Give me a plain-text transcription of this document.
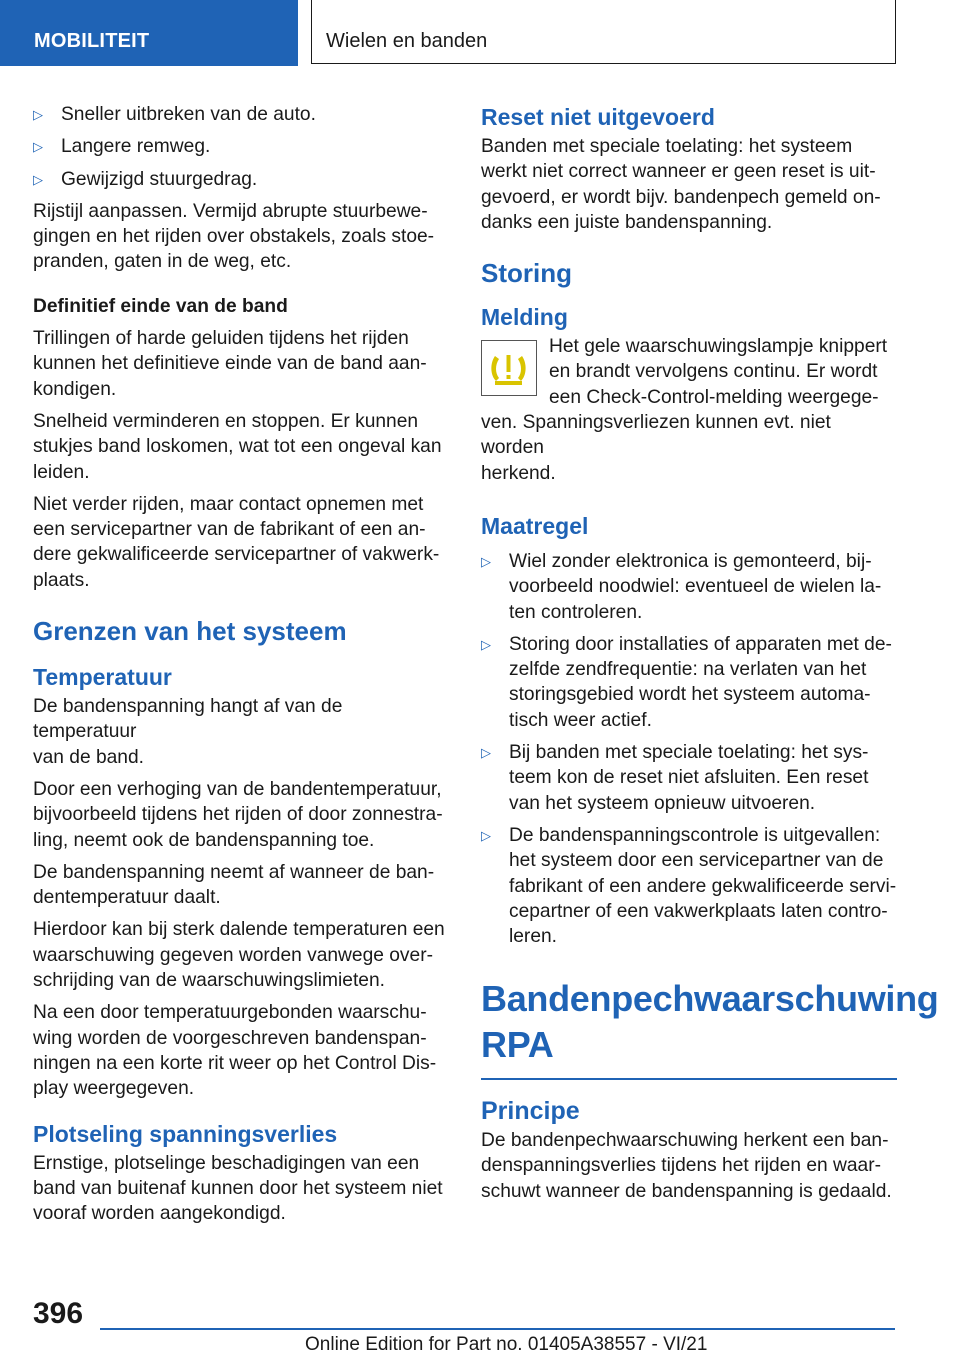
MOBILITEIT	Wielen en banden
▷ Sneller uitbreken van de auto.
▷ Langere remweg.
▷ Gewijzigd stuurgedrag.
Rijstijl aanpassen. Vermijd abrupte stuurbewe-
gingen en het rijden over obstakels, zoals stoe-
pranden, gaten in de weg, etc.
Definitief einde van de band
Trillingen of harde geluiden tijdens het rijden
kunnen het definitieve einde van de band aan-
kondigen.
Snelheid verminderen en stoppen. Er kunnen
stukjes band loskomen, wat tot een ongeval kan
leiden.
Niet verder rijden, maar contact opnemen met
een servicepartner van de fabrikant of een an-
dere gekwalificeerde servicepartner of vakwerk-
plaats.
Grenzen van het systeem
Temperatuur
De bandenspanning hangt af van de temperatuur
van de band.
Door een verhoging van de bandentemperatuur,
bijvoorbeeld tijdens het rijden of door zonnestra-
ling, neemt ook de bandenspanning toe.
De bandenspanning neemt af wanneer de ban-
dentemperatuur daalt.
Hierdoor kan bij sterk dalende temperaturen een
waarschuwing gegeven worden vanwege over-
schrijding van de waarschuwingslimieten.
Na een door temperatuurgebonden waarschu-
wing worden de voorgeschreven bandenspan-
ningen na een korte rit weer op het Control Dis-
play weergegeven.
Plotseling spanningsverlies
Ernstige, plotselinge beschadigingen van een
band van buitenaf kunnen door het systeem niet
vooraf worden aangekondigd.
Reset niet uitgevoerd
Banden met speciale toelating: het systeem
werkt niet correct wanneer er geen reset is uit-
gevoerd, er wordt bijv. bandenpech gemeld on-
danks een juiste bandenspanning.
Storing
Melding
Het gele waarschuwingslampje knippert
en brandt vervolgens continu. Er wordt
een Check-Control-melding weergege-
ven. Spanningsverliezen kunnen evt. niet worden
herkend.
Maatregel
▷ Wiel zonder elektronica is gemonteerd, bij-
voorbeeld noodwiel: eventueel de wielen la-
ten controleren.
▷ Storing door installaties of apparaten met de-
zelfde zendfrequentie: na verlaten van het
storingsgebied wordt het systeem automa-
tisch weer actief.
▷ Bij banden met speciale toelating: het sys-
teem kon de reset niet afsluiten. Een reset
van het systeem opnieuw uitvoeren.
▷ De bandenspanningscontrole is uitgevallen:
het systeem door een servicepartner van de
fabrikant of een andere gekwalificeerde servi-
cepartner of een vakwerkplaats laten contro-
leren.
Bandenpechwaarschuwing
RPA
Principe
De bandenpechwaarschuwing herkent een ban-
denspanningsverlies tijdens het rijden en waar-
schuwt wanneer de bandenspanning is gedaald.
396
Online Edition for Part no. 01405A38557 - VI/21
